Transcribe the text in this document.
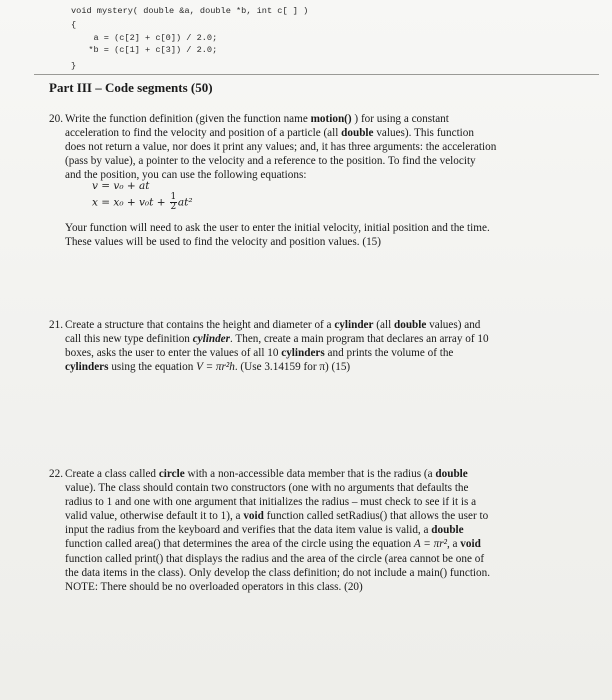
void mystery( double &a, double *b, int c[ ] )
{
a = (c[2] + c[0]) / 2.0;
*b = (c[1] + c[3]) / 2.0;
}
Part III – Code segments (50)

20. Write the function definition (given the function name motion() ) for using a constant

acceleration to find the velocity and position of a particle (all double values). This function

does not return a value, nor does it print any values; and, it has three arguments: the acceleration

(pass by value), a pointer to the velocity and a reference to the position. To find the velocity

and the position, you can use the following equations:

v = v₀ + at
$x = x_0 + v_0t + \frac{1}{2} at^2$

Your function will need to ask the user to enter the initial velocity, initial position and the time.

These values will be used to find the velocity and position values. (15)

21. Create a structure that contains the height and diameter of a cylinder (all double values) and

call this new type definition cylinder. Then, create a main program that declares an array of 10

boxes, asks the user to enter the values of all 10 cylinders and prints the volume of the

cylinders using the equation V = πr²h. (Use 3.14159 for π) (15)

22. Create a class called circle with a non-accessible data member that is the radius (a double

value). The class should contain two constructors (one with no arguments that defaults the

radius to 1 and one with one argument that initializes the radius – must check to see if it is a

valid value, otherwise default it to 1), a void function called setRadius() that allows the user to

input the radius from the keyboard and verifies that the data item value is valid, a double

function called area() that determines the area of the circle using the equation A = πr², a void

function called print() that displays the radius and the area of the circle (area cannot be one of

the data items in the class). Only develop the class definition; do not include a main() function.

NOTE: There should be no overloaded operators in this class. (20)
